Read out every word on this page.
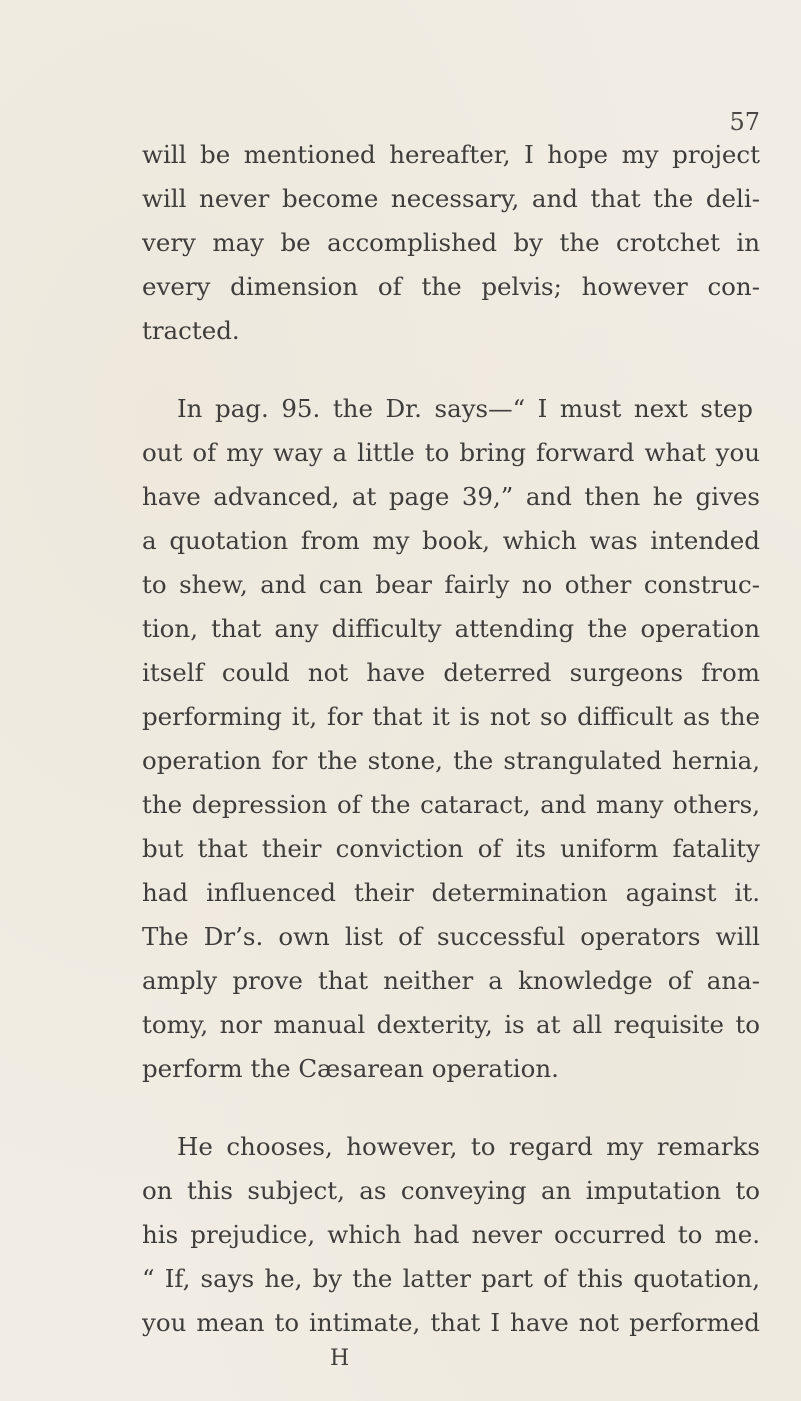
57
will be mentioned hereafter, I hope my project
will never become necessary, and that the deli-
very may be accomplished by the crotchet in
every dimension of the pelvis; however con-
tracted.
In pag. 95. the Dr. says—“ I must next step
out of my way a little to bring forward what you
have advanced, at page 39,” and then he gives
a quotation from my book, which was intended
to shew, and can bear fairly no other construc-
tion, that any difficulty attending the operation
itself could not have deterred surgeons from
performing it, for that it is not so difficult as the
operation for the stone, the strangulated hernia,
the depression of the cataract, and many others,
but that their conviction of its uniform fatality
had influenced their determination against it.
The Dr’s. own list of successful operators will
amply prove that neither a knowledge of ana-
tomy, nor manual dexterity, is at all requisite to
perform the Cæsarean operation.
He chooses, however, to regard my remarks
on this subject, as conveying an imputation to
his prejudice, which had never occurred to me.
“ If, says he, by the latter part of this quotation,
you mean to intimate, that I have not performed
H
